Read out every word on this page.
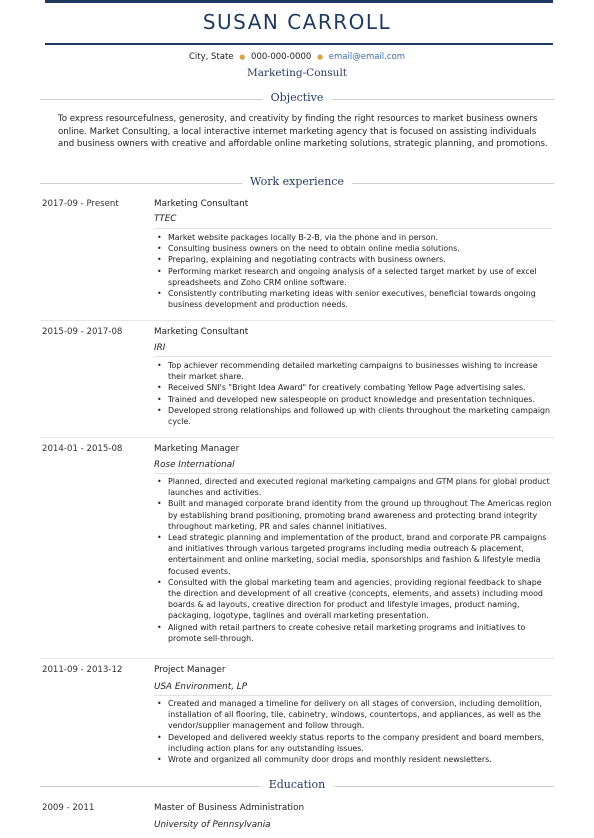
SUSAN CARROLL
City, State ● 000-000-0000 ● email@email.com
Marketing-Consult
Objective
To express resourcefulness, generosity, and creativity by finding the right resources to market business owners online. Market Consulting, a local interactive internet marketing agency that is focused on assisting individuals and business owners with creative and affordable online marketing solutions, strategic planning, and promotions.
Work experience
2017-09 - Present	Marketing Consultant
TTEC
• Market website packages locally B-2-B, via the phone and in person.
• Consulting business owners on the need to obtain online media solutions.
• Preparing, explaining and negotiating contracts with business owners.
• Performing market research and ongoing analysis of a selected target market by use of excel spreadsheets and Zoho CRM online software.
• Consistently contributing marketing ideas with senior executives, beneficial towards ongoing business development and production needs.
2015-09 - 2017-08	Marketing Consultant
IRI
• Top achiever recommending detailed marketing campaigns to businesses wishing to increase their market share.
• Received SNI's "Bright Idea Award" for creatively combating Yellow Page advertising sales.
• Trained and developed new salespeople on product knowledge and presentation techniques.
• Developed strong relationships and followed up with clients throughout the marketing campaign cycle.
2014-01 - 2015-08	Marketing Manager
Rose International
• Planned, directed and executed regional marketing campaigns and GTM plans for global product launches and activities.
• Built and managed corporate brand identity from the ground up throughout The Americas region by establishing brand positioning, promoting brand awareness and protecting brand integrity throughout marketing, PR and sales channel initiatives.
• Lead strategic planning and implementation of the product, brand and corporate PR campaigns and initiatives through various targeted programs including media outreach & placement, entertainment and online marketing, social media, sponsorships and fashion & lifestyle media focused events.
• Consulted with the global marketing team and agencies, providing regional feedback to shape the direction and development of all creative (concepts, elements, and assets) including mood boards & ad layouts, creative direction for product and lifestyle images, product naming, packaging, logotype, taglines and overall marketing presentation.
• Aligned with retail partners to create cohesive retail marketing programs and initiatives to promote sell-through.
2011-09 - 2013-12	Project Manager
USA Environment, LP
• Created and managed a timeline for delivery on all stages of conversion, including demolition, installation of all flooring, tile, cabinetry, windows, countertops, and appliances, as well as the vendor/supplier management and follow through.
• Developed and delivered weekly status reports to the company president and board members, including action plans for any outstanding issues.
• Wrote and organized all community door drops and monthly resident newsletters.
Education
2009 - 2011	Master of Business Administration
University of Pennsylvania
